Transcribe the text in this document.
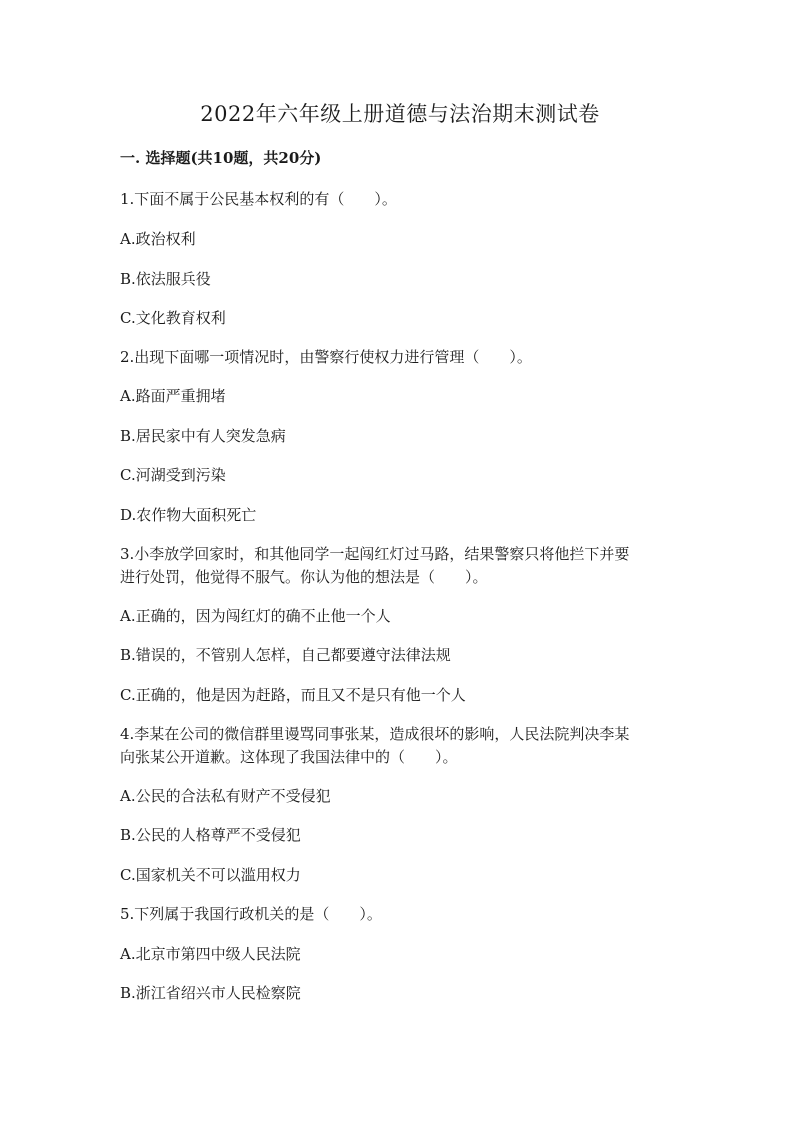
2022年六年级上册道德与法治期末测试卷
一. 选择题(共10题，共20分)
1.下面不属于公民基本权利的有（　　）。
A.政治权利
B.依法服兵役
C.文化教育权利
2.出现下面哪一项情况时，由警察行使权力进行管理（　　）。
A.路面严重拥堵
B.居民家中有人突发急病
C.河湖受到污染
D.农作物大面积死亡
3.小李放学回家时，和其他同学一起闯红灯过马路，结果警察只将他拦下并要
进行处罚，他觉得不服气。你认为他的想法是（　　）。
A.正确的，因为闯红灯的确不止他一个人
B.错误的，不管别人怎样，自己都要遵守法律法规
C.正确的，他是因为赶路，而且又不是只有他一个人
4.李某在公司的微信群里谩骂同事张某，造成很坏的影响，人民法院判决李某
向张某公开道歉。这体现了我国法律中的（　　）。
A.公民的合法私有财产不受侵犯
B.公民的人格尊严不受侵犯
C.国家机关不可以滥用权力
5.下列属于我国行政机关的是（　　）。
A.北京市第四中级人民法院
B.浙江省绍兴市人民检察院
